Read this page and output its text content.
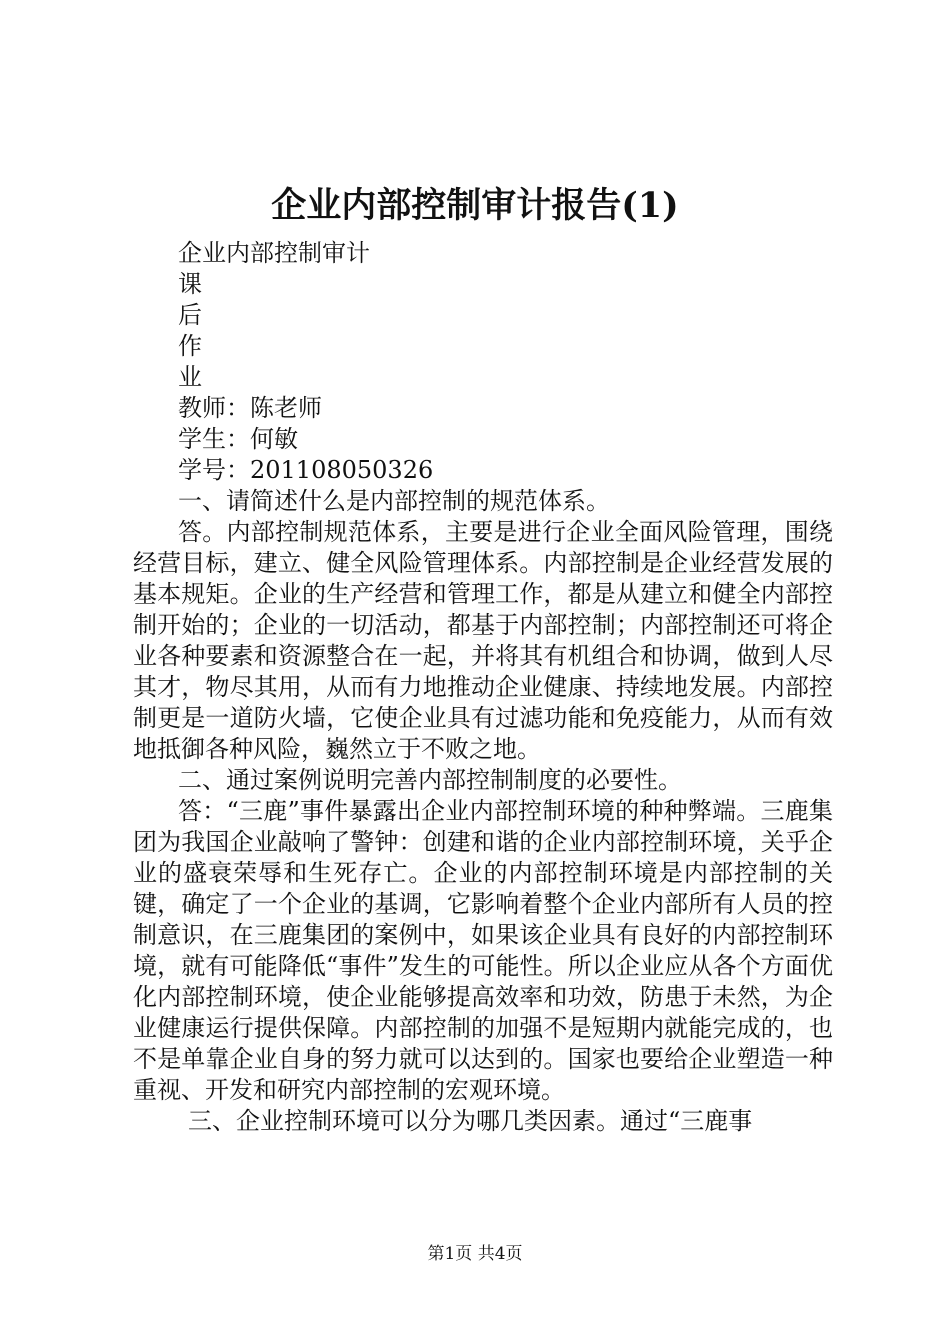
企业内部控制审计报告(1)
企业内部控制审计
课
后
作
业
教师：陈老师
学生：何敏
学号：201108050326

一、请简述什么是内部控制的规范体系。

答。内部控制规范体系，主要是进行企业全面风险管理，围绕经营目标，建立、健全风险管理体系。内部控制是企业经营发展的基本规矩。企业的生产经营和管理工作，都是从建立和健全内部控制开始的；企业的一切活动，都基于内部控制；内部控制还可将企业各种要素和资源整合在一起，并将其有机组合和协调，做到人尽其才，物尽其用，从而有力地推动企业健康、持续地发展。内部控制更是一道防火墙，它使企业具有过滤功能和免疫能力，从而有效地抵御各种风险，巍然立于不败之地。

二、通过案例说明完善内部控制制度的必要性。

答：“三鹿”事件暴露出企业内部控制环境的种种弊端。三鹿集团为我国企业敲响了警钟：创建和谐的企业内部控制环境，关乎企业的盛衰荣辱和生死存亡。企业的内部控制环境是内部控制的关键，确定了一个企业的基调，它影响着整个企业内部所有人员的控制意识，在三鹿集团的案例中，如果该企业具有良好的内部控制环境，就有可能降低“事件”发生的可能性。所以企业应从各个方面优化内部控制环境，使企业能够提高效率和功效，防患于未然，为企业健康运行提供保障。内部控制的加强不是短期内就能完成的，也不是单靠企业自身的努力就可以达到的。国家也要给企业塑造一种重视、开发和研究内部控制的宏观环境。

三、企业控制环境可以分为哪几类因素。通过“三鹿事

第1页 共4页
